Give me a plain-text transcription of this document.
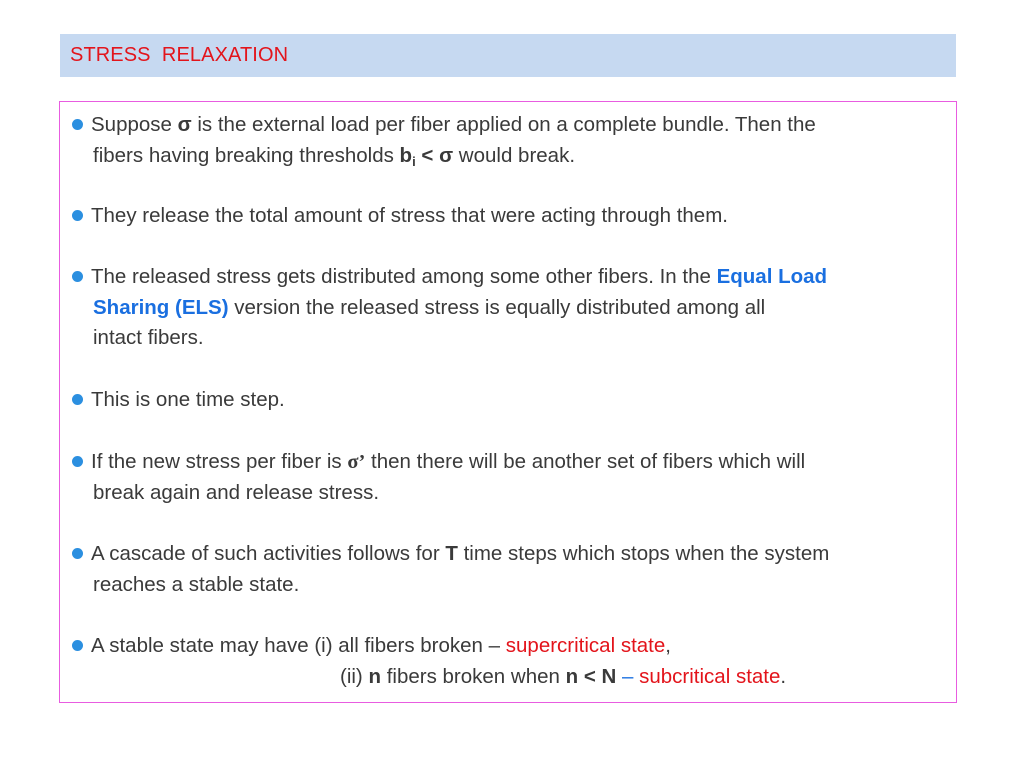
STRESS  RELAXATION
Suppose σ is the external load per fiber applied on a complete bundle. Then the
fibers having breaking thresholds $b_i < \sigma$ would break.
They release the total amount of stress that were acting through them.
The released stress gets distributed among some other fibers. In the Equal Load
Sharing (ELS) version the released stress is equally distributed among all
intact fibers.
This is one time step.
If the new stress per fiber is σ’ then there will be another set of fibers which will
break again and release stress.
A cascade of such activities follows for T time steps which stops when the system
reaches a stable state.
A stable state may have (i) all fibers broken – supercritical state,
(ii) n fibers broken when n < N – subcritical state.
